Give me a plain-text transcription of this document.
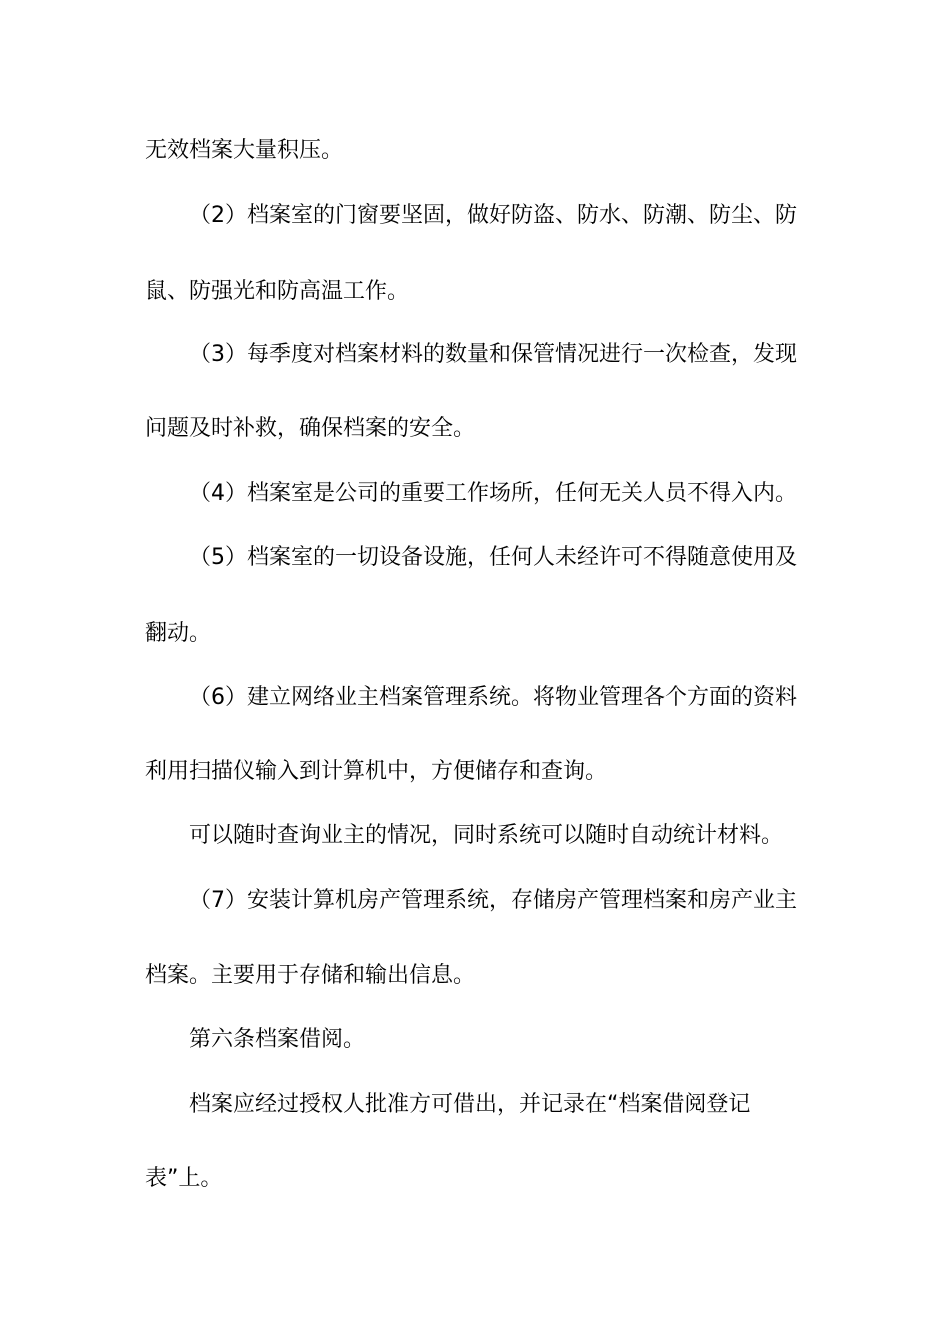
无效档案大量积压。
（2）档案室的门窗要坚固，做好防盗、防水、防潮、防尘、防
鼠、防强光和防高温工作。
（3）每季度对档案材料的数量和保管情况进行一次检查，发现
问题及时补救，确保档案的安全。
（4）档案室是公司的重要工作场所，任何无关人员不得入内。
（5）档案室的一切设备设施，任何人未经许可不得随意使用及
翻动。
（6）建立网络业主档案管理系统。将物业管理各个方面的资料
利用扫描仪输入到计算机中，方便储存和查询。
可以随时查询业主的情况，同时系统可以随时自动统计材料。
（7）安装计算机房产管理系统，存储房产管理档案和房产业主
档案。主要用于存储和输出信息。
第六条档案借阅。
档案应经过授权人批准方可借出，并记录在“档案借阅登记
表”上。
